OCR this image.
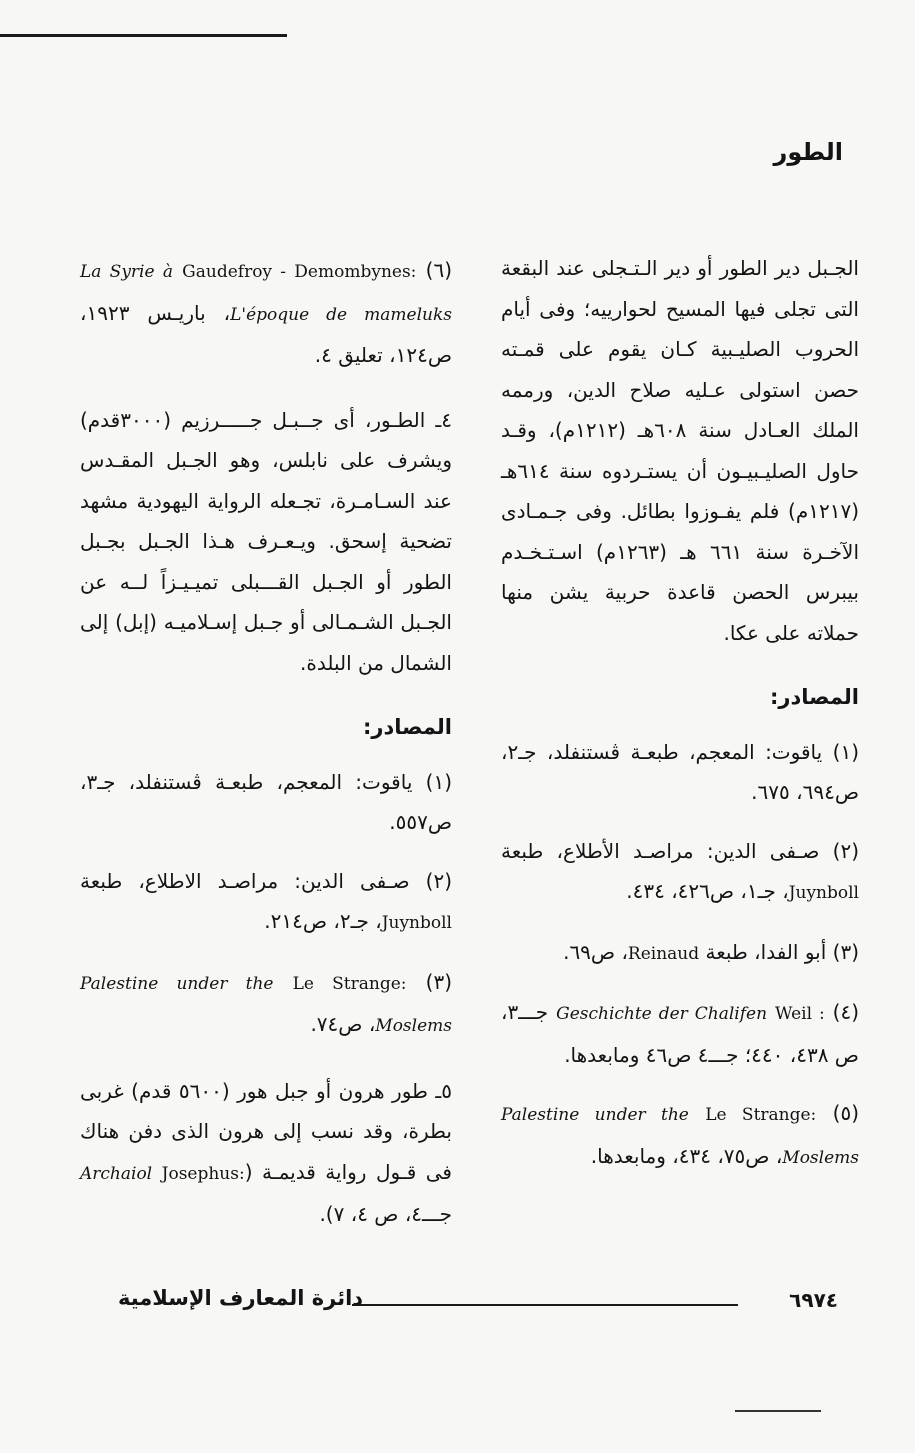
الطور

الجـبل دير الطور أو دير الـتـجلى عند البقعة التى تجلى فيها المسيح لحوارييه؛ وفى أيام الحروب الصليـبية كـان يقوم على قمـته حصن استولى عـليه صلاح الدين، ورممه الملك العـادل سنة ٦٠٨هـ (١٢١٢م)، وقـد حاول الصليـبيـون أن يستـردوه سنة ٦١٤هـ (١٢١٧م) فلم يفـوزوا بطائل. وفى جـمـادى الآخـرة سنة ٦٦١ هـ (١٢٦٣م) اسـتـخـدم بيبرس الحصن قاعدة حربية يشن منها حملاته على عكا.

المصادر:

(١) ياقوت: المعجم، طبعـة ڤستنفلد، جـ٢، ص٦٩٤، ٦٧٥.

(٢) صـفى الدين: مراصـد الأطلاع، طبعة Juynboll، جـ١، ص٤٢٦، ٤٣٤.

(٣) أبو الفدا، طبعة Reinaud، ص٦٩.

(٤) Weil : Geschichte der Chalifen جـــ٣، ص ٤٣٨، ٤٤٠؛ جـــ٤ ص٤٦ ومابعدها.

(٥) Le Strange: Palestine under the Moslems، ص٧٥، ٤٣٤، ومابعدها.

(٦) Gaudefroy - Demombynes: La Syrie à L'époque de mameluks، باريـس ١٩٢٣، ص١٢٤، تعليق ٤.

٤ـ الطـور، أى جــبـل جـــــرزيم (٣٠٠٠قدم) ويشرف على نابلس، وهو الجـبل المقـدس عند السـامـرة، تجـعله الرواية اليهودية مشهد تضحية إسحق. ويـعـرف هـذا الجـبل بجـبل الطور أو الجـبل القـــبلى تميـيـزاً لــه عن الجـبل الشـمـالى أو جـبل إسـلاميـه (إبل) إلى الشمال من البلدة.

المصادر:

(١) ياقوت: المعجم، طبعـة ڤستنفلد، جـ٣، ص٥٥٧.

(٢) صـفى الدين: مراصـد الاطلاع، طبعة Juynboll، جـ٢، ص٢١٤.

(٣) Le Strange: Palestine under the Moslems، ص٧٤.

٥ـ طور هرون أو جبل هور (٥٦٠٠ قدم) غربى بطرة، وقد نسب إلى هرون الذى دفن هناك فى قـول رواية قديمـة (Josephus: Archaiol جـــ٤، ص ٤، ٧).

٦٩٧٤
دائرة المعارف الإسلامية
